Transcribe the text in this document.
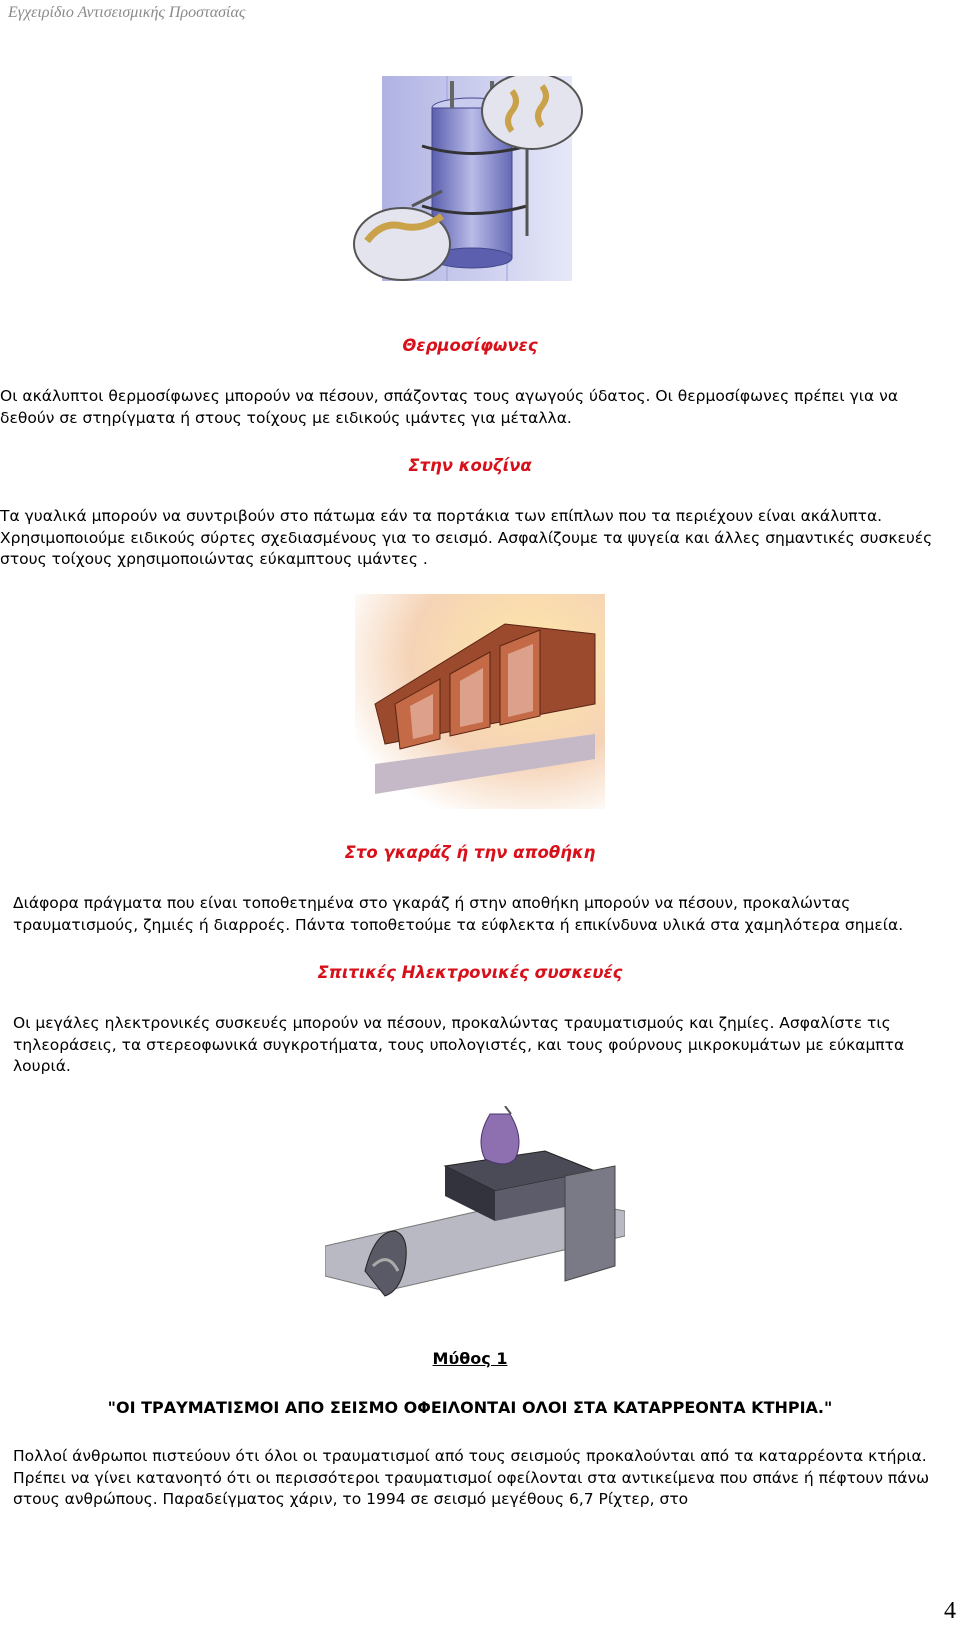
Εγχειρίδιο Αντισεισμικής Προστασίας
Θερμοσίφωνες

Οι ακάλυπτοι θερμοσίφωνες μπορούν να πέσουν, σπάζοντας τους αγωγούς ύδατος. Οι θερμοσίφωνες πρέπει για να δεθούν σε στηρίγματα ή στους τοίχους με ειδικούς ιμάντες για μέταλλα.

Στην κουζίνα

Τα γυαλικά μπορούν να συντριβούν στο πάτωμα εάν τα πορτάκια των επίπλων που τα περιέχουν είναι ακάλυπτα. Χρησιμοποιούμε ειδικούς σύρτες σχεδιασμένους για το σεισμό. Ασφαλίζουμε τα ψυγεία και άλλες σημαντικές συσκευές στους τοίχους χρησιμοποιώντας εύκαμπτους ιμάντες .

Στο γκαράζ ή την αποθήκη

Διάφορα πράγματα που είναι τοποθετημένα στο γκαράζ ή στην αποθήκη μπορούν να πέσουν, προκαλώντας τραυματισμούς, ζημιές ή διαρροές. Πάντα τοποθετούμε τα εύφλεκτα ή επικίνδυνα υλικά στα χαμηλότερα σημεία.

Σπιτικές Ηλεκτρονικές συσκευές

Οι μεγάλες ηλεκτρονικές συσκευές μπορούν να πέσουν, προκαλώντας τραυματισμούς και ζημίες. Ασφαλίστε τις τηλεοράσεις, τα στερεοφωνικά συγκροτήματα, τους υπολογιστές, και τους φούρνους μικροκυμάτων με εύκαμπτα λουριά.

Μύθος 1
"ΟΙ ΤΡΑΥΜΑΤΙΣΜΟΙ ΑΠΟ ΣΕΙΣΜΟ ΟΦΕΙΛΟΝΤΑΙ ΟΛΟΙ ΣΤΑ ΚΑΤΑΡΡΕΟΝΤΑ ΚΤΗΡΙΑ."

Πολλοί άνθρωποι πιστεύουν ότι όλοι οι τραυματισμοί από τους σεισμούς προκαλούνται από τα καταρρέοντα κτήρια. Πρέπει να γίνει κατανοητό ότι οι περισσότεροι τραυματισμοί οφείλονται στα αντικείμενα που σπάνε ή πέφτουν πάνω στους ανθρώπους. Παραδείγματος χάριν, το 1994 σε σεισμό μεγέθους 6,7 Ρίχτερ, στο

4
